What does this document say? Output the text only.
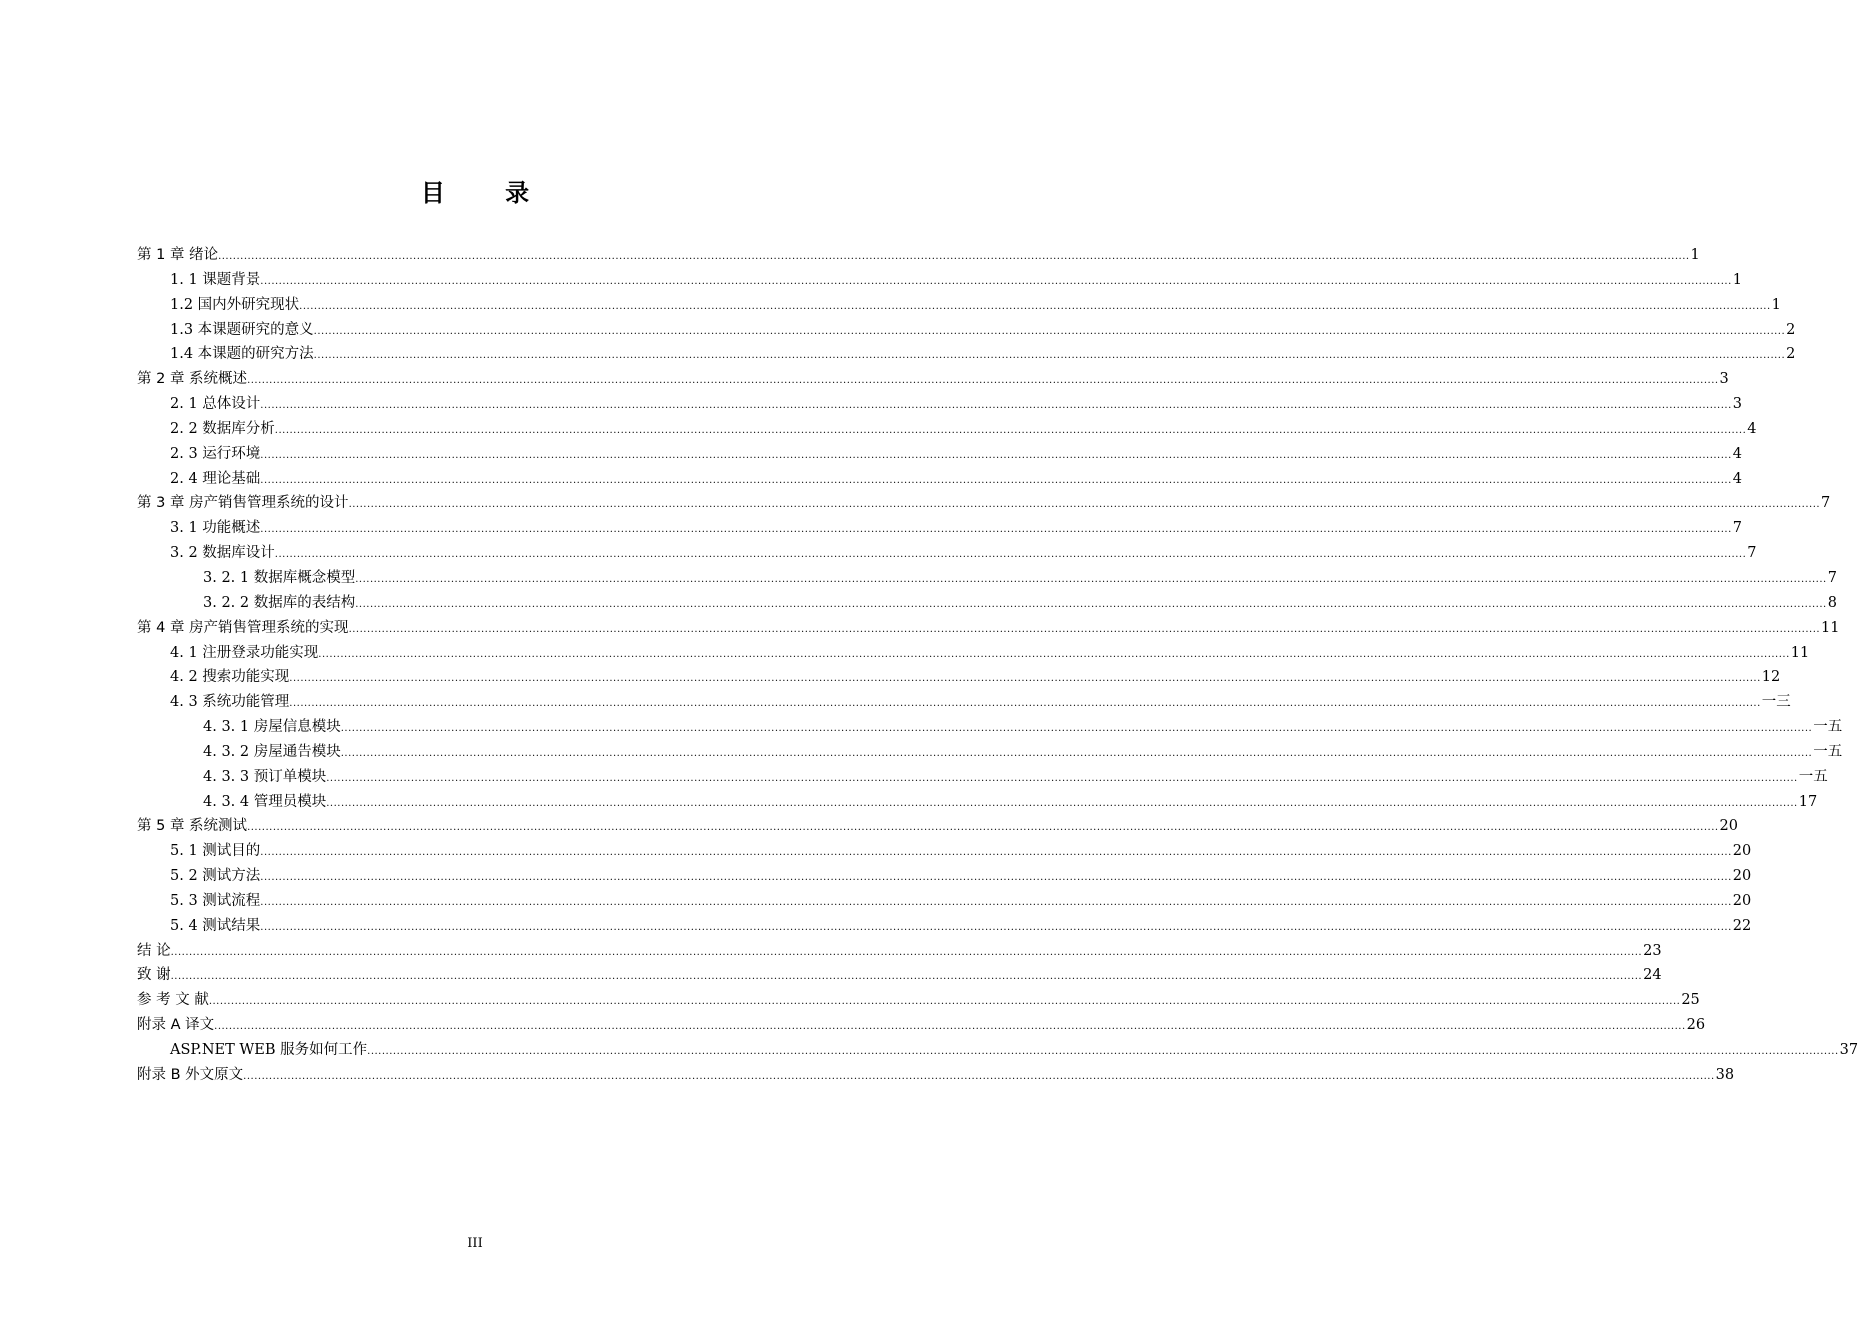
目 录
第 1 章 绪论 ................................................................................................................................................................................................................................................................................................................................................................................................................ 1
1. 1 课题背景 ................................................................................................................................................................................................................................................................................................................................................................................................................ 1
1.2 国内外研究现状 ................................................................................................................................................................................................................................................................................................................................................................................................................ 1
1.3 本课题研究的意义 ................................................................................................................................................................................................................................................................................................................................................................................................................ 2
1.4 本课题的研究方法 ................................................................................................................................................................................................................................................................................................................................................................................................................ 2
第 2 章 系统概述 ................................................................................................................................................................................................................................................................................................................................................................................................................ 3
2. 1 总体设计 ................................................................................................................................................................................................................................................................................................................................................................................................................ 3
2. 2 数据库分析 ................................................................................................................................................................................................................................................................................................................................................................................................................ 4
2. 3 运行环境 ................................................................................................................................................................................................................................................................................................................................................................................................................ 4
2. 4 理论基础 ................................................................................................................................................................................................................................................................................................................................................................................................................ 4
第 3 章 房产销售管理系统的设计 ................................................................................................................................................................................................................................................................................................................................................................................................................ 7
3. 1 功能概述 ................................................................................................................................................................................................................................................................................................................................................................................................................ 7
3. 2 数据库设计 ................................................................................................................................................................................................................................................................................................................................................................................................................ 7
3. 2. 1 数据库概念模型 ................................................................................................................................................................................................................................................................................................................................................................................................................ 7
3. 2. 2 数据库的表结构 ................................................................................................................................................................................................................................................................................................................................................................................................................ 8
第 4 章 房产销售管理系统的实现 ................................................................................................................................................................................................................................................................................................................................................................................................................ 11
4. 1 注册登录功能实现 ................................................................................................................................................................................................................................................................................................................................................................................................................ 11
4. 2 搜索功能实现 ................................................................................................................................................................................................................................................................................................................................................................................................................ 12
4. 3 系统功能管理 ................................................................................................................................................................................................................................................................................................................................................................................................................ 一三
4. 3. 1 房屋信息模块 ................................................................................................................................................................................................................................................................................................................................................................................................................ 一五
4. 3. 2 房屋通告模块 ................................................................................................................................................................................................................................................................................................................................................................................................................ 一五
4. 3. 3 预订单模块 ................................................................................................................................................................................................................................................................................................................................................................................................................ 一五
4. 3. 4 管理员模块 ................................................................................................................................................................................................................................................................................................................................................................................................................ 17
第 5 章 系统测试 ................................................................................................................................................................................................................................................................................................................................................................................................................ 20
5. 1 测试目的 ................................................................................................................................................................................................................................................................................................................................................................................................................ 20
5. 2 测试方法 ................................................................................................................................................................................................................................................................................................................................................................................................................ 20
5. 3 测试流程 ................................................................................................................................................................................................................................................................................................................................................................................................................ 20
5. 4 测试结果 ................................................................................................................................................................................................................................................................................................................................................................................................................ 22
结 论 ................................................................................................................................................................................................................................................................................................................................................................................................................ 23
致 谢 ................................................................................................................................................................................................................................................................................................................................................................................................................ 24
参 考 文 献 ................................................................................................................................................................................................................................................................................................................................................................................................................ 25
附录 A 译文 ................................................................................................................................................................................................................................................................................................................................................................................................................ 26
ASP.NET WEB 服务如何工作 ................................................................................................................................................................................................................................................................................................................................................................................................................ 37
附录 B 外文原文 ................................................................................................................................................................................................................................................................................................................................................................................................................ 38
III
